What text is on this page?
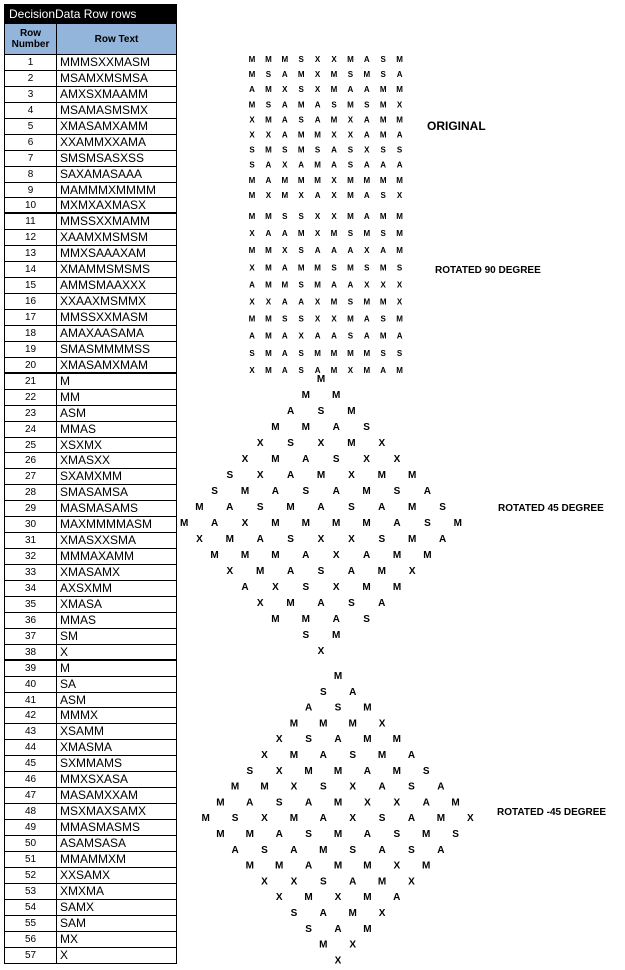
DecisionData Row rows
Row Number	Row Text
1	MMMSXXMASM
2	MSAMXMSMSA
3	AMXSXMAAMM
4	MSAMASMSMX
5	XMASAMXAMM
6	XXAMMXXAMA
7	SMSMSASXSS
8	SAXAMASAAA
9	MAMMMXMMMM
10	MXMXAXMASX
11	MMSSXXMAMM
12	XAAMXMSMSM
13	MMXSAAAXAM
14	XMAMMSMSMS
15	AMMSMAAXXX
16	XXAAXMSMMX
17	MMSSXXMASM
18	AMAXAASAMA
19	SMASMMMMSS
20	XMASAMXMAM
21	M
22	MM
23	ASM
24	MMAS
25	XSXMX
26	XMASXX
27	SXAMXMM
28	SMASAMSA
29	MASMASAMS
30	MAXMMMMASM
31	XMASXXSMA
32	MMMAXAMM
33	XMASAMX
34	AXSXMM
35	XMASA
36	MMAS
37	SM
38	X
39	M
40	SA
41	ASM
42	MMMX
43	XSAMM
44	XMASMA
45	SXMMAMS
46	MMXSXASA
47	MASAMXXAM
48	MSXMAXSAMX
49	MMASMASMS
50	ASAMSASA
51	MMAMMXM
52	XXSAMX
53	XMXMA
54	SAMX
55	SAM
56	MX
57	X
MMMSXXMASM
MSAMXMSMSA
AMXSXMAAMM
MSAMASMSMX
XMASAMXAMM
XXAMMXXAMA
SMSMSASXSS
SAXAMASAAA
MAMMMXMMMM
MXMXAXMASX
MMSSXXMAMM
XAAMXMSMSM
MMXSAAAXAM
XMAMMSMSMS
AMMSMAAXXX
XXAAXMSMMX
MMSSXXMASM
AMAXAASAMA
SMASMMMMSS
XMASAMXMAM
M
MM
ASM
MMAS
XSXMX
XMASXX
SXAMXMM
SMASAMSA
MASMASAMS
MAXMMMMASM
XMASXXSMA
MMMAXAMM
XMASAMX
AXSXMM
XMASA
MMAS
SM
X
M
SA
ASM
MMMX
XSAMM
XMASMA
SXMMAMS
MMXSXASA
MASAMXXAM
MSXMAXSAMX
MMASMASMS
ASAMSASA
MMAMMXM
XXSAMX
XMXMA
SAMX
SAM
MX
X
ORIGINAL
ROTATED 90 DEGREE
ROTATED 45 DEGREE
ROTATED -45 DEGREE
